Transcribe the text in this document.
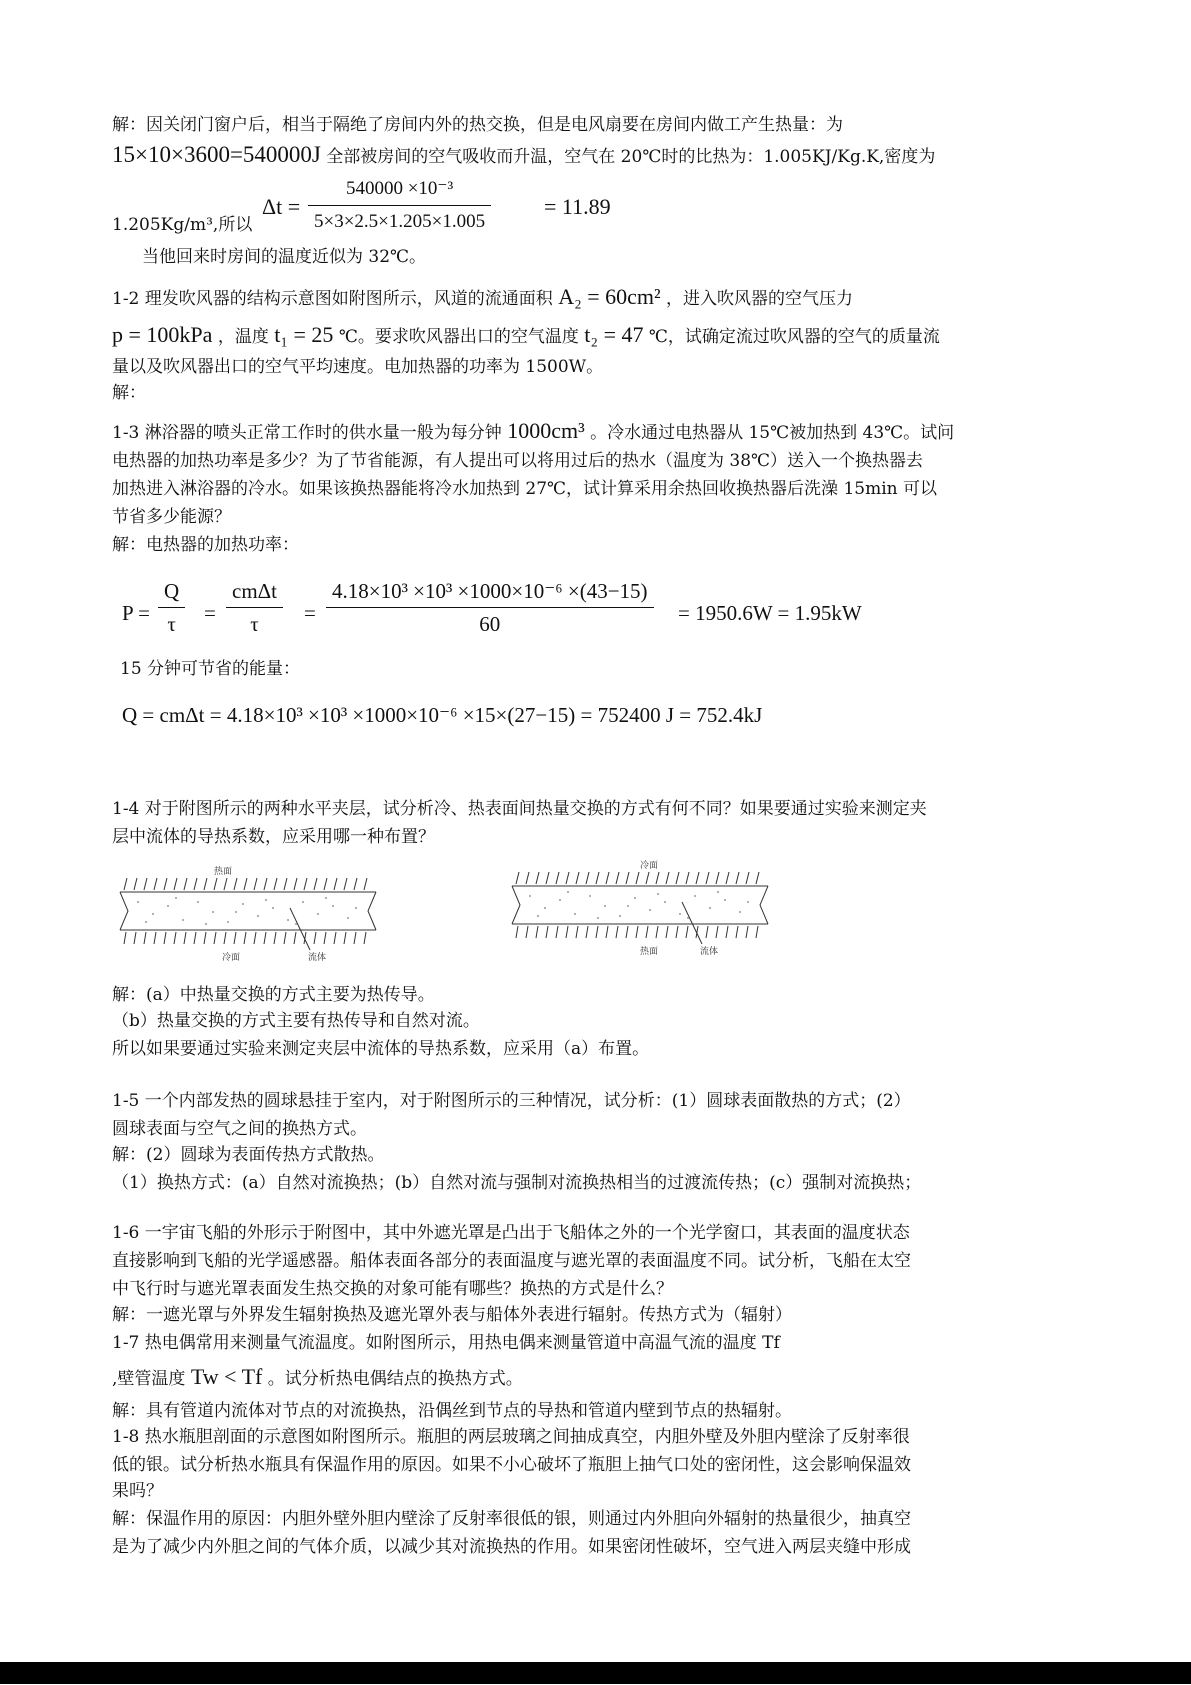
解：因关闭门窗户后，相当于隔绝了房间内外的热交换，但是电风扇要在房间内做工产生热量：为
15×10×3600=540000J 全部被房间的空气吸收而升温，空气在 20℃时的比热为：1.005KJ/Kg.K,密度为
1.205Kg/m³,所以
$\Delta t = \frac{\text{540000 ×10⁻³}}{5\times 3\times 2.5\times 1.205\times 1.005} = 11.89$
当他回来时房间的温度近似为 32℃。
1-2 理发吹风器的结构示意图如附图所示，风道的流通面积 A₂ = 60cm² ，进入吹风器的空气压力
p = 100kPa ，温度 t₁ = 25 ℃。要求吹风器出口的空气温度 t₂ = 47 ℃，试确定流过吹风器的空气的质量流
量以及吹风器出口的空气平均速度。电加热器的功率为 1500W。
解：
1-3 淋浴器的喷头正常工作时的供水量一般为每分钟 1000cm³ 。冷水通过电热器从 15℃被加热到 43℃。试问
电热器的加热功率是多少？为了节省能源，有人提出可以将用过后的热水（温度为 38℃）送入一个换热器去
加热进入淋浴器的冷水。如果该换热器能将冷水加热到 27℃，试计算采用余热回收换热器后洗澡 15min 可以
节省多少能源？
解：电热器的加热功率：
$P = \frac{Q}{\tau}$ =
cmΔt
τ	= $\frac{\text{4.18×10³ ×10³ ×1000×10⁻⁶ ×(43−15)}}{60} = 1950.6W = 1.95kW$
15 分钟可节省的能量：
Q = cmΔt = 4.18×10³ ×10³ ×1000×10⁻⁶ ×15×(27−15) = 752400 J = 752.4kJ
1-4 对于附图所示的两种水平夹层，试分析冷、热表面间热量交换的方式有何不同？如果要通过实验来测定夹
层中流体的导热系数，应采用哪一种布置？
热面
冷面	流体
冷面
热面	流体
解：(a）中热量交换的方式主要为热传导。
（b）热量交换的方式主要有热传导和自然对流。
所以如果要通过实验来测定夹层中流体的导热系数，应采用（a）布置。
1-5 一个内部发热的圆球悬挂于室内，对于附图所示的三种情况，试分析：(1）圆球表面散热的方式；(2）
圆球表面与空气之间的换热方式。
解：(2）圆球为表面传热方式散热。
（1）换热方式：(a）自然对流换热；(b）自然对流与强制对流换热相当的过渡流传热；(c）强制对流换热；
1-6 一宇宙飞船的外形示于附图中，其中外遮光罩是凸出于飞船体之外的一个光学窗口，其表面的温度状态
直接影响到飞船的光学遥感器。船体表面各部分的表面温度与遮光罩的表面温度不同。试分析，飞船在太空
中飞行时与遮光罩表面发生热交换的对象可能有哪些？换热的方式是什么？
解：一遮光罩与外界发生辐射换热及遮光罩外表与船体外表进行辐射。传热方式为（辐射）
1-7 热电偶常用来测量气流温度。如附图所示，用热电偶来测量管道中高温气流的温度 Tf
,壁管温度 Tw < Tf 。试分析热电偶结点的换热方式。
解：具有管道内流体对节点的对流换热，沿偶丝到节点的导热和管道内壁到节点的热辐射。
1-8 热水瓶胆剖面的示意图如附图所示。瓶胆的两层玻璃之间抽成真空，内胆外壁及外胆内壁涂了反射率很
低的银。试分析热水瓶具有保温作用的原因。如果不小心破坏了瓶胆上抽气口处的密闭性，这会影响保温效
果吗？
解：保温作用的原因：内胆外壁外胆内壁涂了反射率很低的银，则通过内外胆向外辐射的热量很少，抽真空
是为了减少内外胆之间的气体介质，以减少其对流换热的作用。如果密闭性破坏，空气进入两层夹缝中形成
